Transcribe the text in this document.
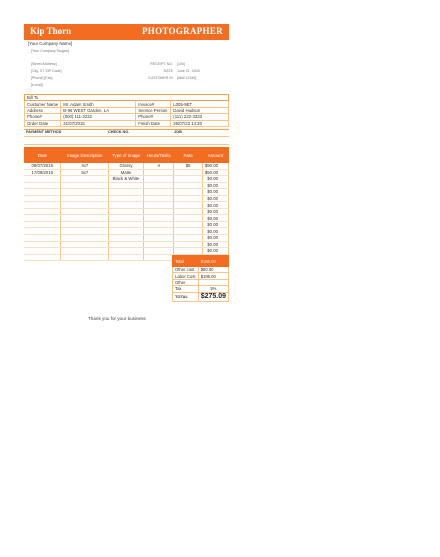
Kip Thorn	PHOTOGRAPHER
[Your Company Name]
[Your Company Slogan]
[Street Address]
[City, ST ZIP Code]
[Phone] [Fax]
[e-mail]
RECEIPT NO. [100]
DATE June 21, 2005
CUSTOMER ID [ABC12345]
Bill To			
Customer Name	Mr. Adam Smith	Invoice#	L005-9ET
Address	B-96 WEST Garden, LA	Service Person	David Hudson
Phone#	(000) 111-2222	Phone#	(111) 222-3333
Order Date	31/07/2015	Finish Date	26/07/23 14:30
PAYMENT METHOD	CHECK NO.	JOB
Date	Image Description	Type of Image	Hours/Tasks	Rate	Amount
09/07/2015	4x7	Glossy	4	$5	$90.00
17/09/2015	5x7	Matte			$50.00
		Black & White			$0.00
					$0.00
					$0.00
					$0.00
					$0.00
					$0.00
					$0.00
					$0.00
					$0.00
					$0.00
					$0.00
					$0.00
					$0.00
Total	$185.00
Other cost	$90.00
Labor Cost	$195.00
Other	
Tax	5%
TOTAL	$275.09
Thank you for your business
